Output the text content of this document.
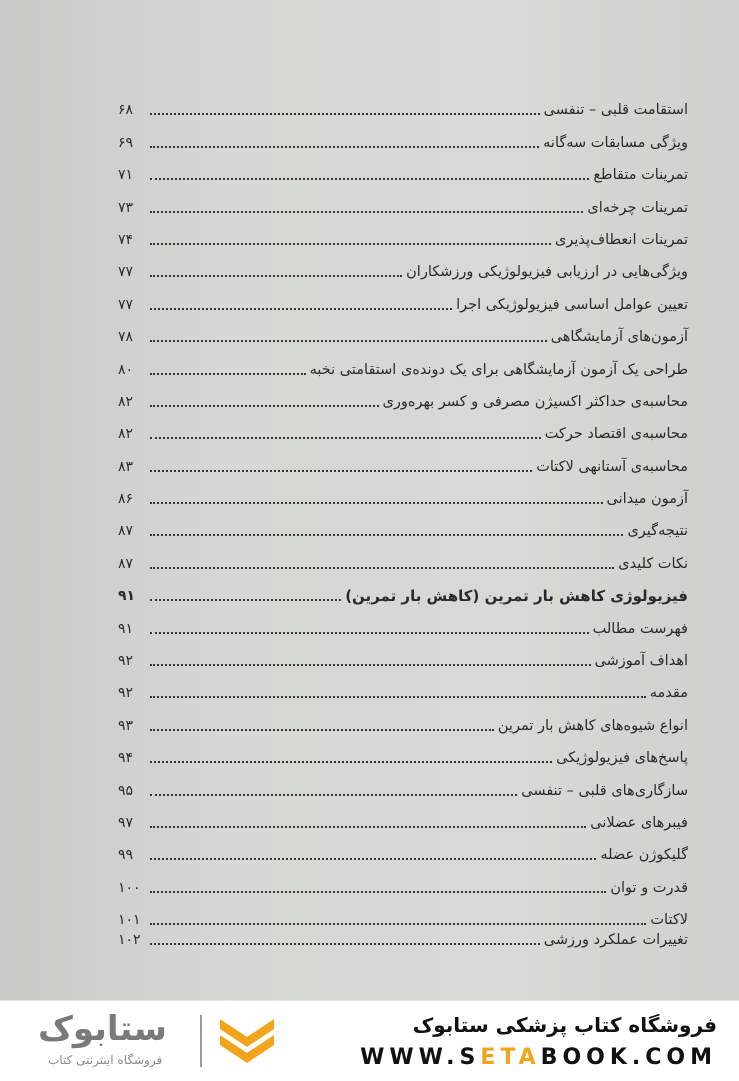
استقامت قلبی – تنفسی
۶۸
ویژگی مسابقات سه‌گانه
۶۹
تمرینات متقاطع
۷۱
تمرینات چرخه‌ای
۷۳
تمرینات انعطاف‌پذیری
۷۴
ویژگی‌هایی در ارزیابی فیزیولوژیکی ورزشکاران
۷۷
تعیین عوامل اساسی فیزیولوژیکی اجرا
۷۷
آزمون‌های آزمایشگاهی
۷۸
طراحی یک آزمون آزمایشگاهی برای یک دونده‌ی استقامتی نخبه
۸۰
محاسبه‌ی حداکثر اکسیژن مصرفی و کسر بهره‌وری
۸۲
محاسبه‌ی اقتصاد حرکت
۸۲
محاسبه‌ی آستانهی لاکتات
۸۳
آزمون میدانی
۸۶
نتیجه‌گیری
۸۷
نکات کلیدی
۸۷
فیزیولوژی کاهش بار تمرین (کاهش بار تمرین)
۹۱
فهرست مطالب
۹۱
اهداف آموزشی
۹۲
مقدمه
۹۲
انواع شیوه‌های کاهش بار تمرین
۹۳
پاسخ‌های فیزیولوژیکی
۹۴
سازگاری‌های قلبی – تنفسی
۹۵
فیبرهای عضلانی
۹۷
گلیکوژن عضله
۹۹
قدرت و توان
۱۰۰
لاکتات
۱۰۱
تغییرات عملکرد ورزشی
۱۰۲
ستابوک
فروشگاه اینترنتی کتاب
فروشگاه کتاب پزشکی ستابوک
WWW.SETABOOK.COM
